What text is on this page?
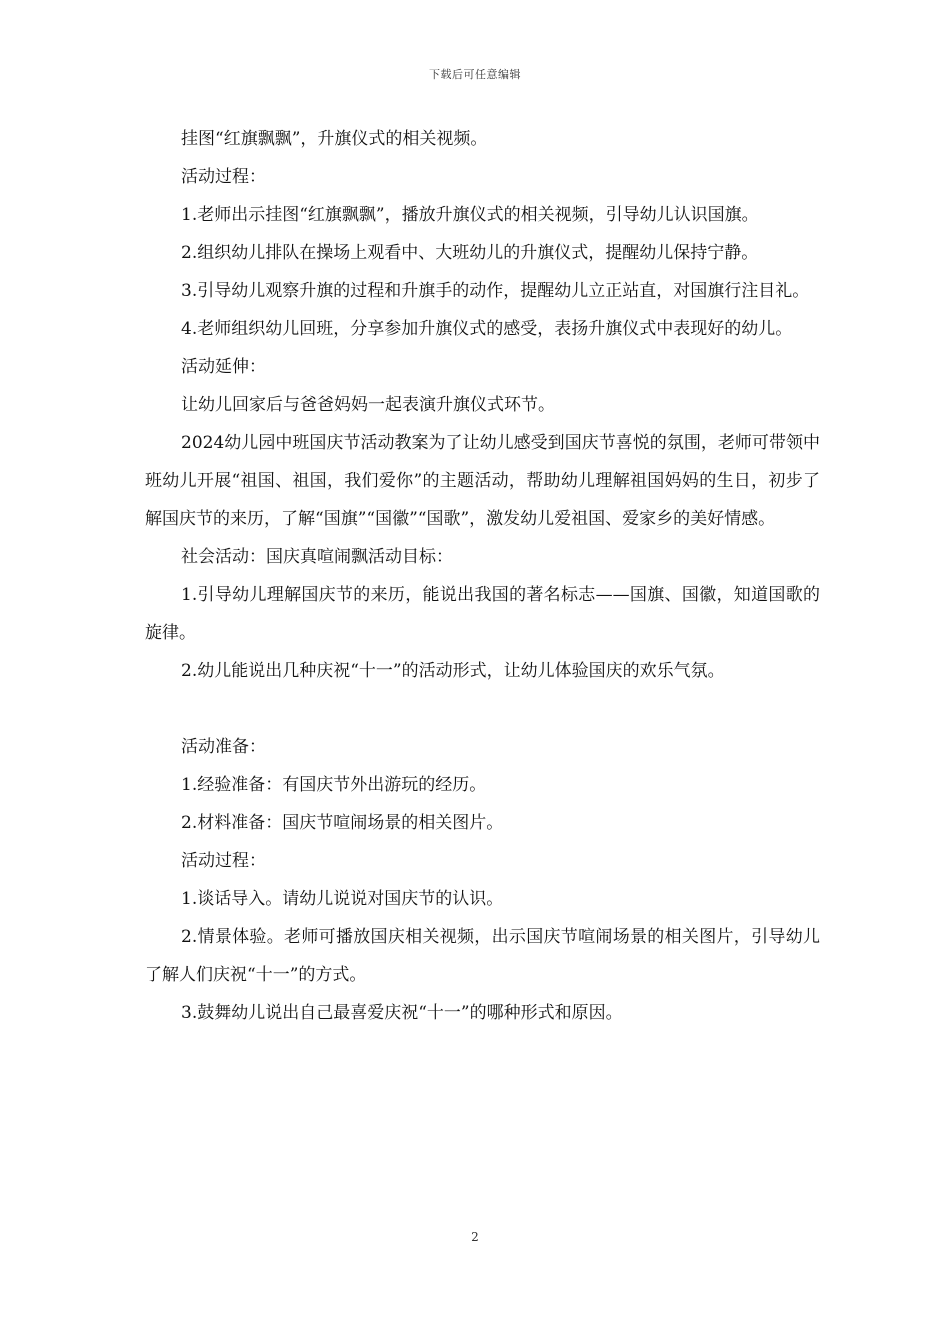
下载后可任意编辑

挂图“红旗飘飘”，升旗仪式的相关视频。

活动过程：

1.老师出示挂图“红旗飘飘”，播放升旗仪式的相关视频，引导幼儿认识国旗。

2.组织幼儿排队在操场上观看中、大班幼儿的升旗仪式，提醒幼儿保持宁静。

3.引导幼儿观察升旗的过程和升旗手的动作，提醒幼儿立正站直，对国旗行注目礼。

4.老师组织幼儿回班，分享参加升旗仪式的感受，表扬升旗仪式中表现好的幼儿。

活动延伸：

让幼儿回家后与爸爸妈妈一起表演升旗仪式环节。

2024幼儿园中班国庆节活动教案为了让幼儿感受到国庆节喜悦的氛围，老师可带领中班幼儿开展“祖国、祖国，我们爱你”的主题活动，帮助幼儿理解祖国妈妈的生日，初步了解国庆节的来历，了解“国旗”“国徽”“国歌”，激发幼儿爱祖国、爱家乡的美好情感。

社会活动：国庆真喧闹飘活动目标：

1.引导幼儿理解国庆节的来历，能说出我国的著名标志——国旗、国徽，知道国歌的旋律。

2.幼儿能说出几种庆祝“十一”的活动形式，让幼儿体验国庆的欢乐气氛。

活动准备：

1.经验准备：有国庆节外出游玩的经历。

2.材料准备：国庆节喧闹场景的相关图片。

活动过程：

1.谈话导入。请幼儿说说对国庆节的认识。

2.情景体验。老师可播放国庆相关视频，出示国庆节喧闹场景的相关图片，引导幼儿了解人们庆祝“十一”的方式。

3.鼓舞幼儿说出自己最喜爱庆祝“十一”的哪种形式和原因。

2
